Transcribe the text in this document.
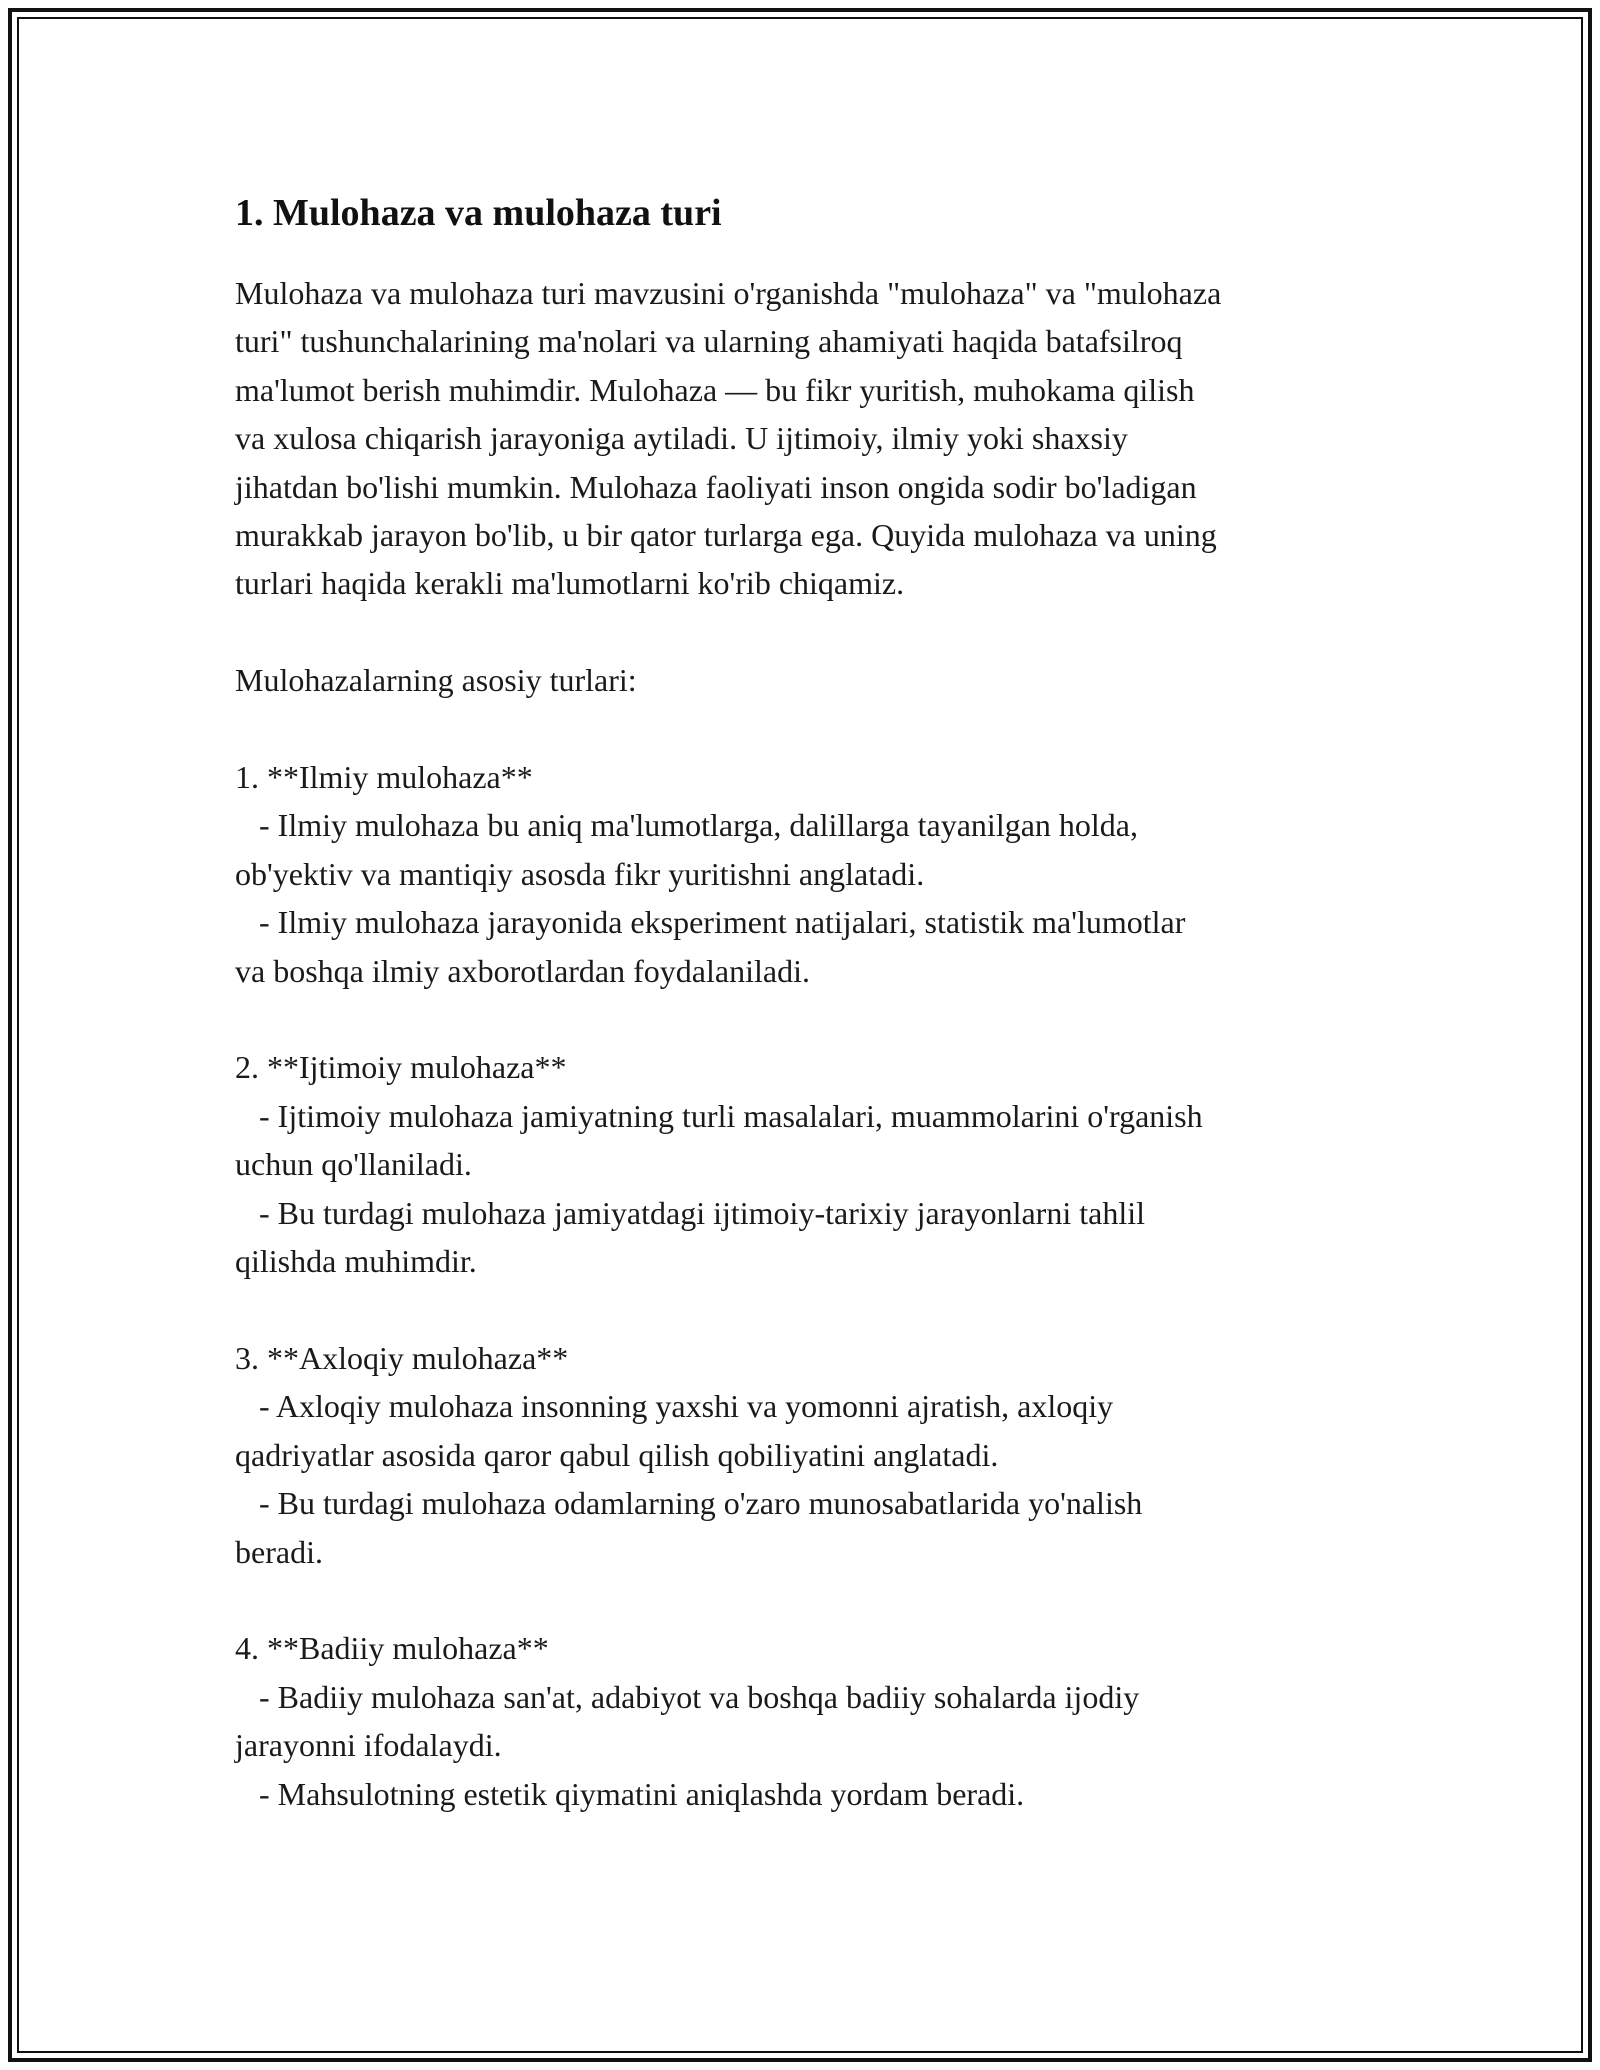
1. Mulohaza va mulohaza turi
Mulohaza va mulohaza turi mavzusini o'rganishda "mulohaza" va "mulohaza
turi" tushunchalarining ma'nolari va ularning ahamiyati haqida batafsilroq
ma'lumot berish muhimdir. Mulohaza — bu fikr yuritish, muhokama qilish
va xulosa chiqarish jarayoniga aytiladi. U ijtimoiy, ilmiy yoki shaxsiy
jihatdan bo'lishi mumkin. Mulohaza faoliyati inson ongida sodir bo'ladigan
murakkab jarayon bo'lib, u bir qator turlarga ega. Quyida mulohaza va uning
turlari haqida kerakli ma'lumotlarni ko'rib chiqamiz.
Mulohazalarning asosiy turlari:
1. **Ilmiy mulohaza**
- Ilmiy mulohaza bu aniq ma'lumotlarga, dalillarga tayanilgan holda,
ob'yektiv va mantiqiy asosda fikr yuritishni anglatadi.
- Ilmiy mulohaza jarayonida eksperiment natijalari, statistik ma'lumotlar
va boshqa ilmiy axborotlardan foydalaniladi.
2. **Ijtimoiy mulohaza**
- Ijtimoiy mulohaza jamiyatning turli masalalari, muammolarini o'rganish
uchun qo'llaniladi.
- Bu turdagi mulohaza jamiyatdagi ijtimoiy-tarixiy jarayonlarni tahlil
qilishda muhimdir.
3. **Axloqiy mulohaza**
- Axloqiy mulohaza insonning yaxshi va yomonni ajratish, axloqiy
qadriyatlar asosida qaror qabul qilish qobiliyatini anglatadi.
- Bu turdagi mulohaza odamlarning o'zaro munosabatlarida yo'nalish
beradi.
4. **Badiiy mulohaza**
- Badiiy mulohaza san'at, adabiyot va boshqa badiiy sohalarda ijodiy
jarayonni ifodalaydi.
- Mahsulotning estetik qiymatini aniqlashda yordam beradi.
